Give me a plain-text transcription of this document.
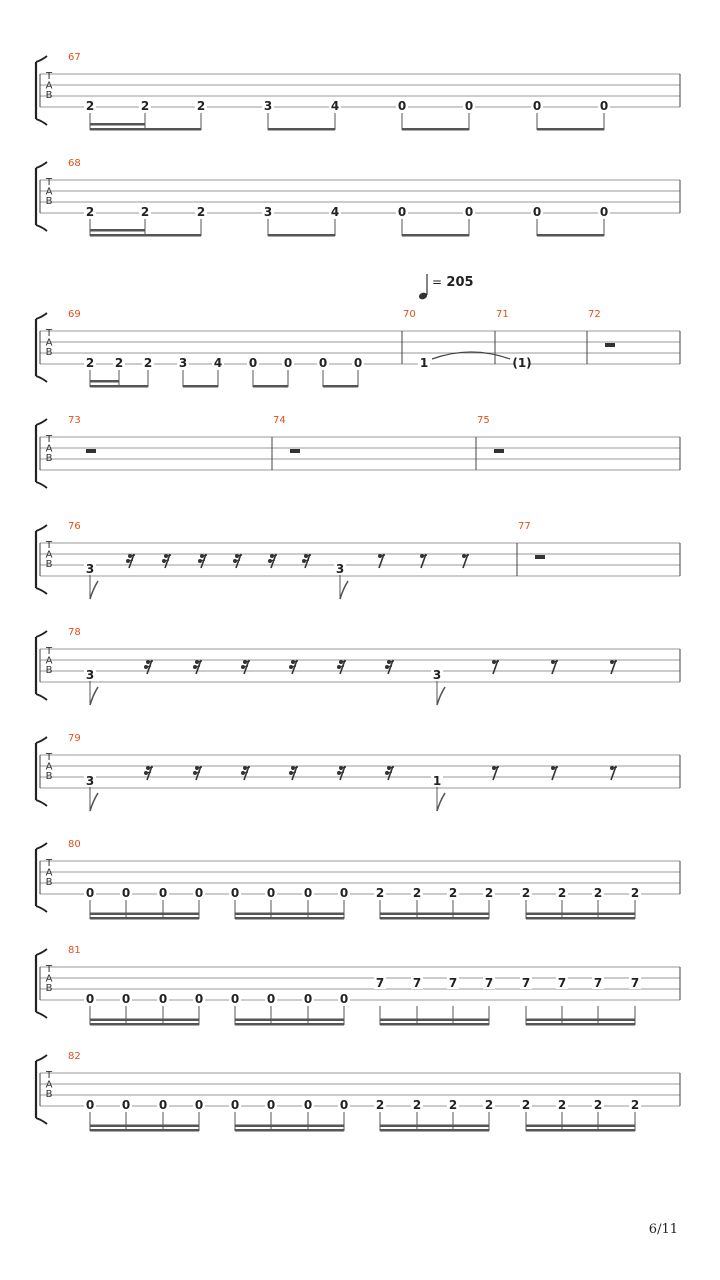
T
A
B
67
2	2	2	3	4	0	0	0	0
T
A
B
68
2	2	2	3	4	0	0	0	0
T
A
B
69	70	71	72
2 2 2 3 4 0 0 0 0	1	(1)
T
A
B
73	74	75
T
A
B
76	77
3	3
T
A
B
78
3	3
T
A
B
79
3	1
T
A
B
80
0 0 0 0 0 0 0 0 2 2 2 2 2 2 2 2
T
A
B
81
0 0 0 0 0 0 0 0
7 7 7 7 7 7 7 7
T
A
B
82
0 0 0 0 0 0 0 0 2 2 2 2 2 2 2 2
= 205
6/11
